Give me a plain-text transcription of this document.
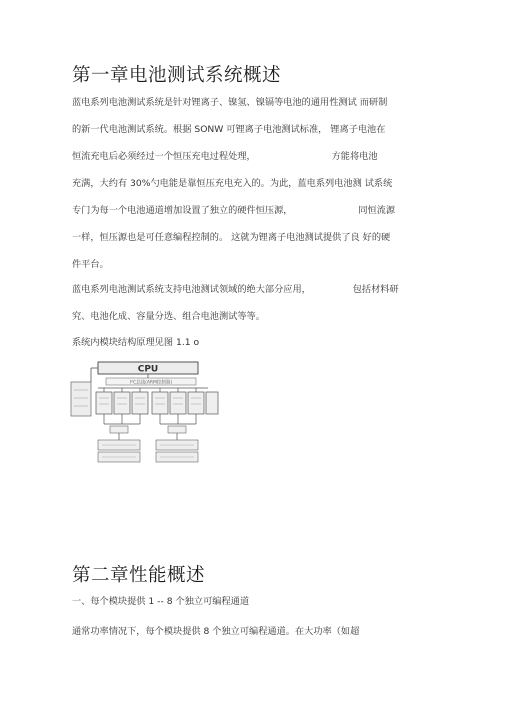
第一章电池测试系统概述
蓝电系列电池测试系统是针对锂离子、镍氢、镍镉等电池的通用性测试 而研制
的新一代电池测试系统。根据 SONW 可锂离子电池测试标准， 锂离子电池在
恒流充电后必须经过一个恒压充电过程处理，	方能将电池
充满，大约有 30%勺电能是靠恒压充电充入的。为此，蓝电系列电池测 试系统
专门为每一个电池通道增加设置了独立的硬件恒压源，	同恒流源
一样，恒压源也是可任意编程控制的。 这就为锂离子电池测试提供了良 好的硬
件平台。
蓝电系列电池测试系统支持电池测试领域的绝大部分应用，	包括材料研
究、电池化成、容量分选、组合电池测试等等。
系统内模块结构原理见图 1.1 o
CPU
I²C总线(ARM控制器)
第二章性能概述
一、每个模块提供 1 -- 8 个独立可编程通道
通常功率情况下，每个模块提供 8 个独立可编程通道。在大功率（如超
